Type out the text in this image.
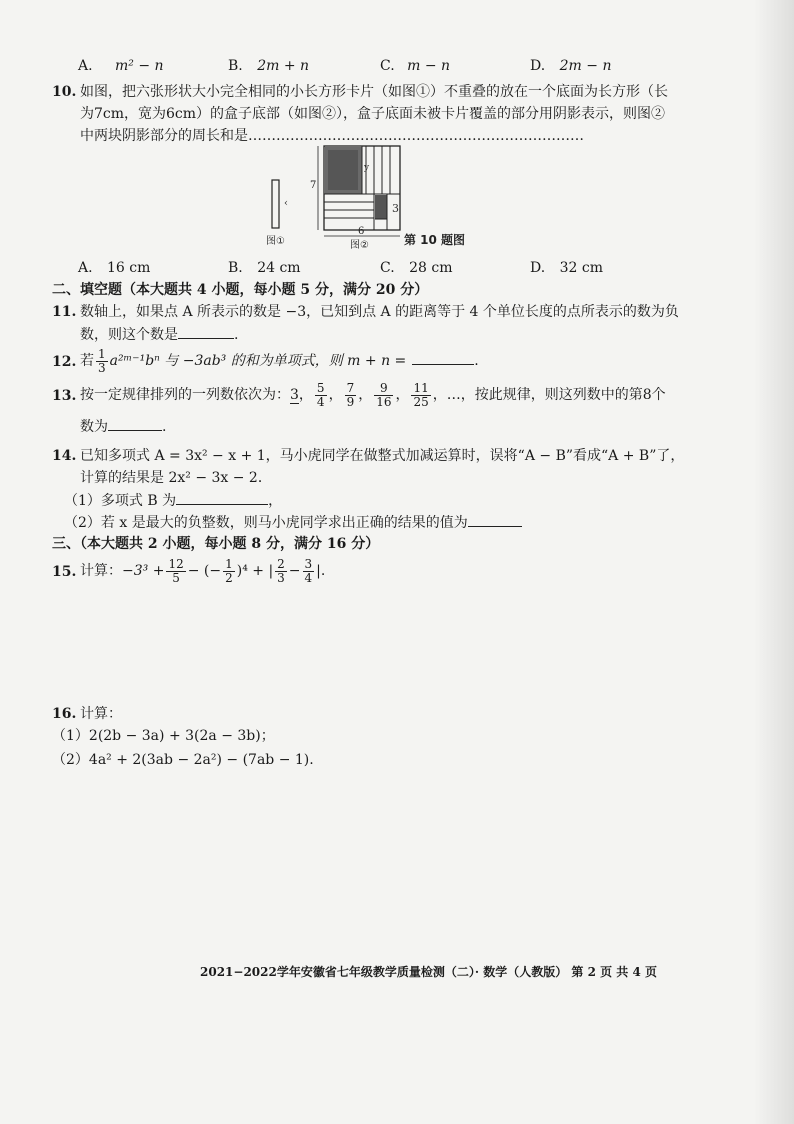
A. m² − n	B. 2m + n	C. m − n	D. 2m − n
10. 如图，把六张形状大小完全相同的小长方形卡片（如图①）不重叠的放在一个底面为长方形（长
为7cm，宽为6cm）的盒子底部（如图②），盒子底面未被卡片覆盖的部分用阴影表示，则图②
中两块阴影部分的周长和是………………………………………………………………
‹
图①
3
y
7
6
图②	第 10 题图
A. 16 cm	B. 24 cm	C. 28 cm	D. 32 cm
二、填空题（本大题共 4 小题，每小题 5 分，满分 20 分）
11. 数轴上，如果点 A 所表示的数是 −3，已知到点 A 的距离等于 4 个单位长度的点所表示的数为负
数，则这个数是	.
12. 若 $\frac{1}{3}$ a²ᵐ⁻¹bⁿ 与 −3ab³ 的和为单项式，则 m + n =	.
13. 按一定规律排列的一列数依次为：3， $\frac{5}{4}$ ， $\frac{7}{9}$ ， $\frac{9}{16}$ ， $\frac{11}{25}$ ，…，按此规律，则这列数中的第8个
数为	.
14. 已知多项式 A = 3x² − x + 1，马小虎同学在做整式加减运算时，误将“A − B”看成“A + B”了，
计算的结果是 2x² − 3x − 2．
（1）多项式 B 为	，
（2）若 x 是最大的负整数，则马小虎同学求出正确的结果的值为
三、（本大题共 2 小题，每小题 8 分，满分 16 分）
15. 计算：$-3^3 + \frac{12}{5}$ − (− $\frac{1}{2} )^4$ + | $\frac{2}{3} - \frac{3}{4}$ |.
16. 计算：
（1）2(2b − 3a) + 3(2a − 3b)；
（2）4a² + 2(3ab − 2a²) − (7ab − 1).
2021−2022学年安徽省七年级教学质量检测（二）· 数学（人教版） 第 2 页 共 4 页
